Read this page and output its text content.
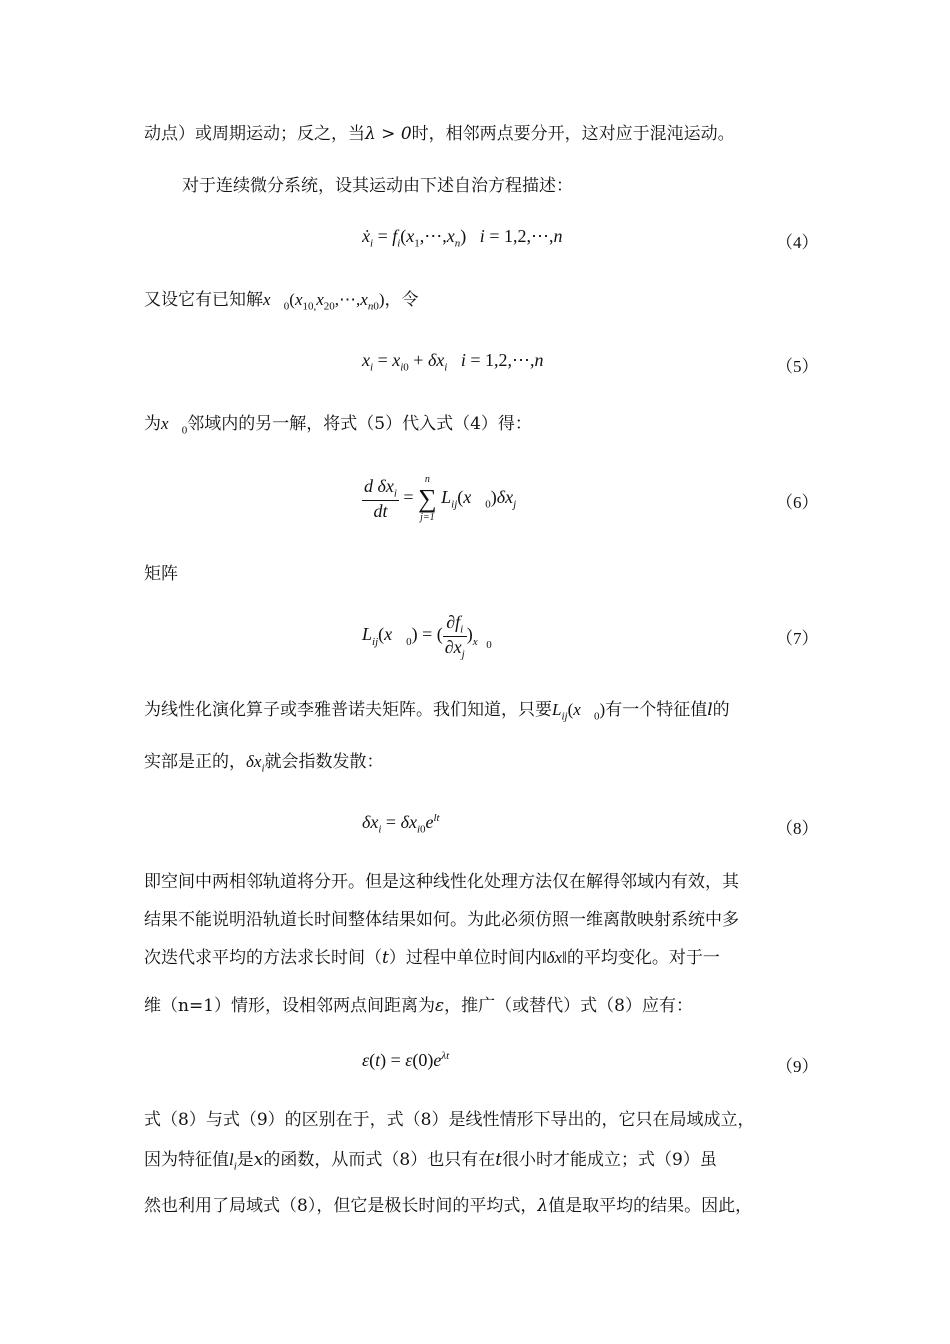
动点）或周期运动；反之，当λ > 0时，相邻两点要分开，这对应于混沌运动。
对于连续微分系统，设其运动由下述自治方程描述：
ẋ$_i$ = $f_i(x_1,\cdots,x_n) i$ = 1,2,⋯,n	（4）
又设它有已知解$x⃗_0(x_{10,}x_{20},\cdots,x_{n0})$，令
$x_i = x_{i0} + \delta x_i$ i = 1,2,⋯,n	（5）
为$x⃗_0$邻域内的另一解，将式（5）代入式（4）得：
$\frac{d \delta x_i}{dt}$ =
n
∑
j=1
$L_{ij}(x⃗_0)\delta x_j$	（6）
矩阵
$L_{ij}(x⃗_0)$ = ( $\frac{\partial f_i}{\partial x_j} )_{x⃗_0}$	（7）
为线性化演化算子或李雅普诺夫矩阵。我们知道，只要$L_{ij}(x⃗_0)$有一个特征值l的
实部是正的，$\delta x_i$就会指数发散：
$\delta x_i = \delta x_{i0}e^{lt}$
（8）
即空间中两相邻轨道将分开。但是这种线性化处理方法仅在解得邻域内有效，其
结果不能说明沿轨道长时间整体结果如何。为此必须仿照一维离散映射系统中多
次迭代求平均的方法求长时间（t）过程中单位时间内‖δx‖的平均变化。对于一
维（n=1）情形，设相邻两点间距离为ε，推广（或替代）式（8）应有：
$\varepsilon(t) = \varepsilon(0)e^{\lambda t}$
（9）
式（8）与式（9）的区别在于，式（8）是线性情形下导出的，它只在局域成立，
因为特征值$l_i$是x的函数，从而式（8）也只有在t很小时才能成立；式（9）虽
然也利用了局域式（8），但它是极长时间的平均式，λ值是取平均的结果。因此，
